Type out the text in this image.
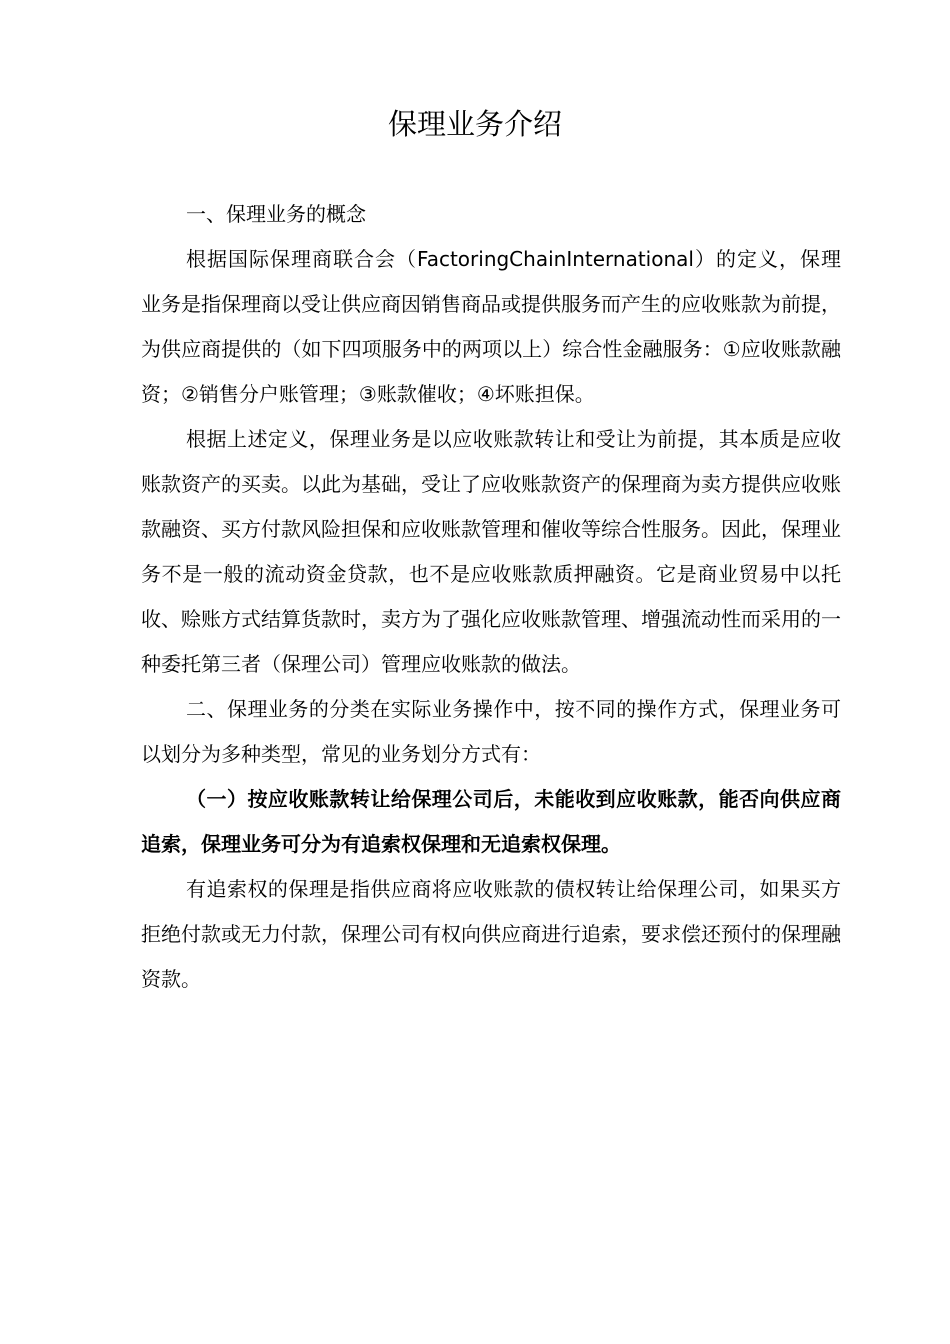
保理业务介绍

一、保理业务的概念

根据国际保理商联合会（FactoringChainInternational）的定义，保理业务是指保理商以受让供应商因销售商品或提供服务而产生的应收账款为前提，为供应商提供的（如下四项服务中的两项以上）综合性金融服务：①应收账款融资；②销售分户账管理；③账款催收；④坏账担保。

根据上述定义，保理业务是以应收账款转让和受让为前提，其本质是应收账款资产的买卖。以此为基础，受让了应收账款资产的保理商为卖方提供应收账款融资、买方付款风险担保和应收账款管理和催收等综合性服务。因此，保理业务不是一般的流动资金贷款，也不是应收账款质押融资。它是商业贸易中以托收、赊账方式结算货款时，卖方为了强化应收账款管理、增强流动性而采用的一种委托第三者（保理公司）管理应收账款的做法。

二、保理业务的分类在实际业务操作中，按不同的操作方式，保理业务可以划分为多种类型，常见的业务划分方式有：

（一）按应收账款转让给保理公司后，未能收到应收账款，能否向供应商追索，保理业务可分为有追索权保理和无追索权保理。

有追索权的保理是指供应商将应收账款的债权转让给保理公司，如果买方拒绝付款或无力付款，保理公司有权向供应商进行追索，要求偿还预付的保理融资款。
